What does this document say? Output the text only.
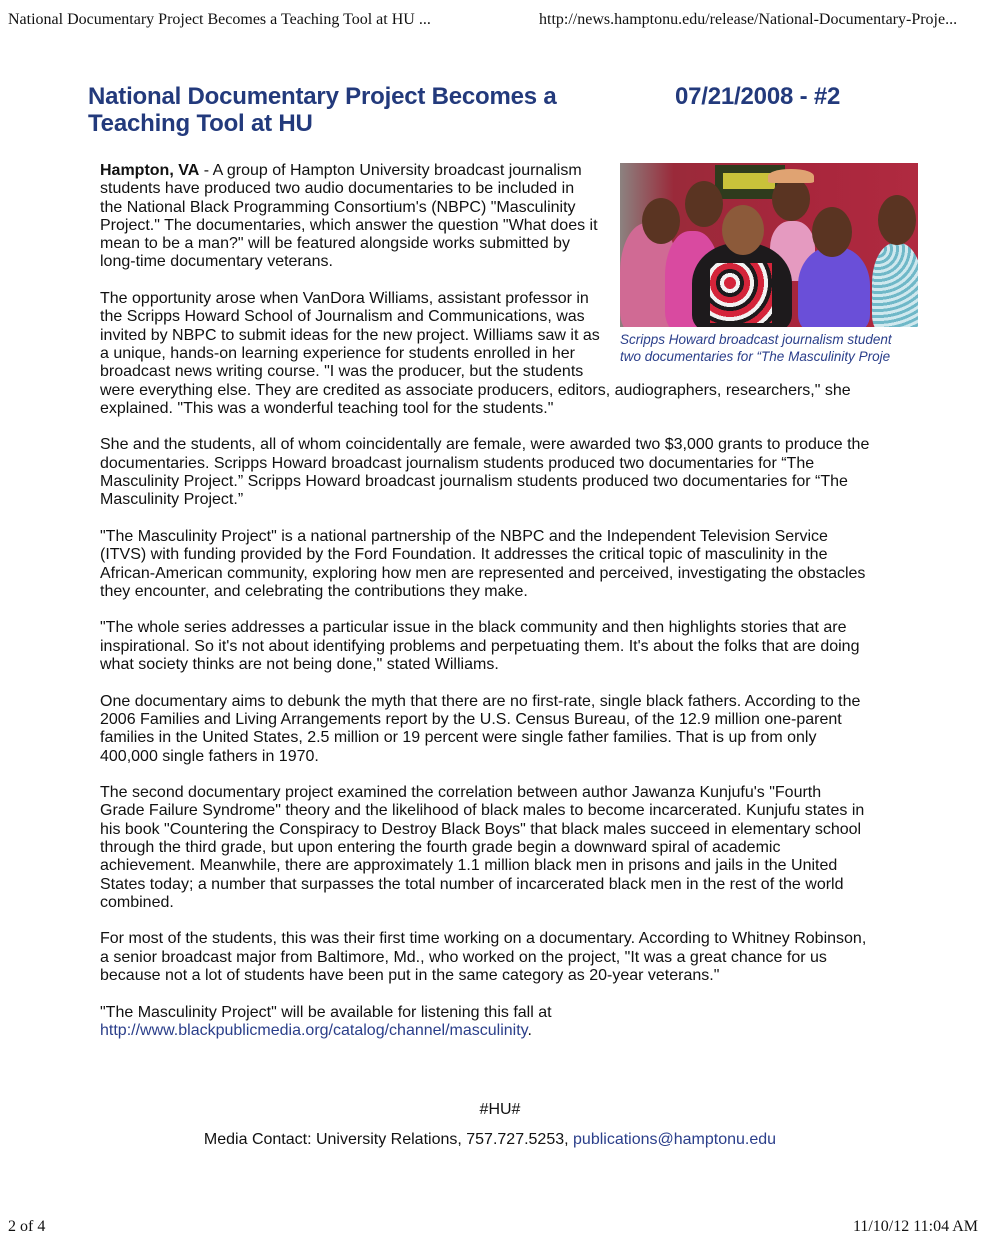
National Documentary Project Becomes a Teaching Tool at HU ...	http://news.hamptonu.edu/release/National-Documentary-Proje...
National Documentary Project Becomes a Teaching Tool at HU
07/21/2008 - #2
Scripps Howard broadcast journalism student
two documentaries for “The Masculinity Proje

Hampton, VA - A group of Hampton University broadcast journalism students have produced two audio documentaries to be included in the National Black Programming Consortium's (NBPC) "Masculinity Project." The documentaries, which answer the question "What does it mean to be a man?" will be featured alongside works submitted by long-time documentary veterans.

The opportunity arose when VanDora Williams, assistant professor in the Scripps Howard School of Journalism and Communications, was invited by NBPC to submit ideas for the new project. Williams saw it as a unique, hands-on learning experience for students enrolled in her broadcast news writing course. "I was the producer, but the students were everything else. They are credited as associate producers, editors, audiographers, researchers," she explained. "This was a wonderful teaching tool for the students."

She and the students, all of whom coincidentally are female, were awarded two $3,000 grants to produce the documentaries. Scripps Howard broadcast journalism students produced two documentaries for “The Masculinity Project.” Scripps Howard broadcast journalism students produced two documentaries for “The Masculinity Project.”

"The Masculinity Project" is a national partnership of the NBPC and the Independent Television Service (ITVS) with funding provided by the Ford Foundation. It addresses the critical topic of masculinity in the African-American community, exploring how men are represented and perceived, investigating the obstacles they encounter, and celebrating the contributions they make.

"The whole series addresses a particular issue in the black community and then highlights stories that are inspirational. So it's not about identifying problems and perpetuating them. It's about the folks that are doing what society thinks are not being done," stated Williams.

One documentary aims to debunk the myth that there are no first-rate, single black fathers. According to the 2006 Families and Living Arrangements report by the U.S. Census Bureau, of the 12.9 million one-parent families in the United States, 2.5 million or 19 percent were single father families. That is up from only 400,000 single fathers in 1970.

The second documentary project examined the correlation between author Jawanza Kunjufu's "Fourth Grade Failure Syndrome" theory and the likelihood of black males to become incarcerated. Kunjufu states in his book "Countering the Conspiracy to Destroy Black Boys" that black males succeed in elementary school through the third grade, but upon entering the fourth grade begin a downward spiral of academic achievement. Meanwhile, there are approximately 1.1 million black men in prisons and jails in the United States today; a number that surpasses the total number of incarcerated black men in the rest of the world combined.

For most of the students, this was their first time working on a documentary. According to Whitney Robinson, a senior broadcast major from Baltimore, Md., who worked on the project, "It was a great chance for us because not a lot of students have been put in the same category as 20-year veterans."

"The Masculinity Project" will be available for listening this fall at http://www.blackpublicmedia.org/catalog/channel/masculinity.

#HU#
Media Contact: University Relations, 757.727.5253, publications@hamptonu.edu
2 of 4	11/10/12 11:04 AM
